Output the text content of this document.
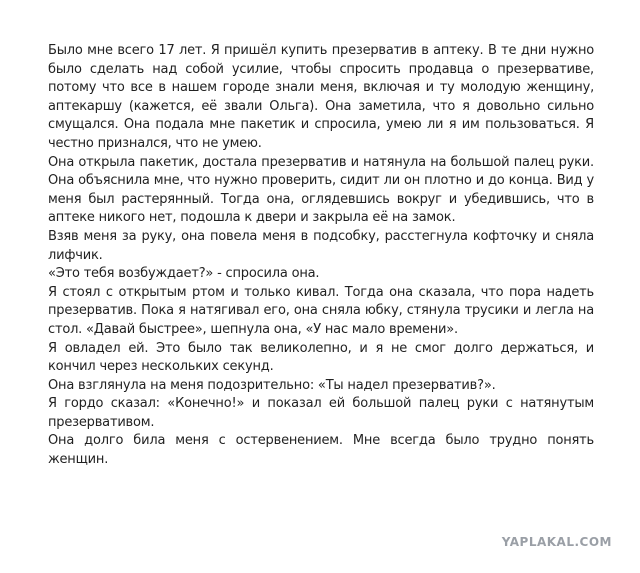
Было мне всего 17 лет. Я пришёл купить презерватив в аптеку. В те дни нужно было сделать над собой усилие, чтобы спросить продавца о презервативе, потому что все в нашем городе знали меня, включая и ту молодую женщину, аптекаршу (кажется, её звали Ольга). Она заметила, что я довольно сильно смущался. Она подала мне пакетик и спросила, умею ли я им пользоваться. Я честно признался, что не умею.

Она открыла пакетик, достала презерватив и натянула на большой палец руки. Она объяснила мне, что нужно проверить, сидит ли он плотно и до конца. Вид у меня был растерянный. Тогда она, оглядевшись вокруг и убедившись, что в аптеке никого нет, подошла к двери и закрыла её на замок.

Взяв меня за руку, она повела меня в подсобку, расстегнула кофточку и сняла лифчик.

«Это тебя возбуждает?» - спросила она.

Я стоял с открытым ртом и только кивал. Тогда она сказала, что пора надеть презерватив. Пока я натягивал его, она сняла юбку, стянула трусики и легла на стол. «Давай быстрее», шепнула она, «У нас мало времени».

Я овладел ей. Это было так великолепно, и я не смог долго держаться, и кончил через нескольких секунд.

Она взглянула на меня подозрительно: «Ты надел презерватив?».

Я гордо сказал: «Конечно!» и показал ей большой палец руки с натянутым презервативом.

Она долго била меня с остервенением. Мне всегда было трудно понять женщин.

YAPLAKAL.COM
